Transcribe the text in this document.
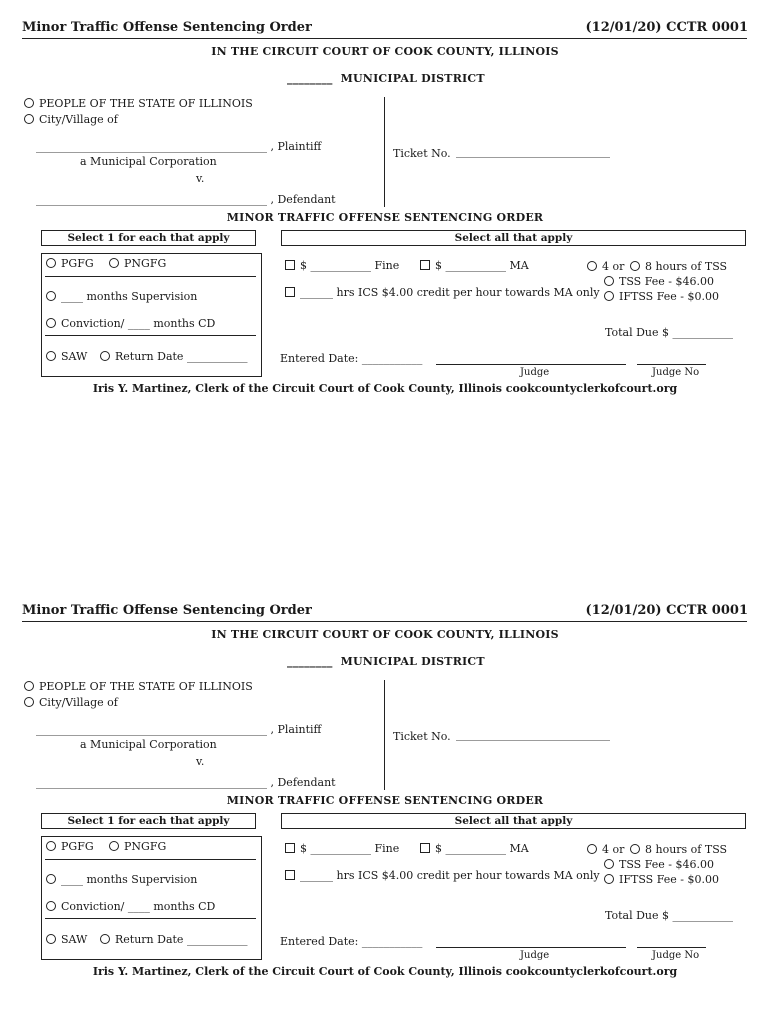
Minor Traffic Offense Sentencing Order	(12/01/20) CCTR 0001
IN THE CIRCUIT COURT OF COOK COUNTY, ILLINOIS
________ MUNICIPAL DISTRICT
PEOPLE OF THE STATE OF ILLINOIS
City/Village of
__________________________________________ , Plaintiff
a Municipal Corporation
v.
__________________________________________ , Defendant
Ticket No. ____________________________
MINOR TRAFFIC OFFENSE SENTENCING ORDER
Select 1 for each that apply	Select all that apply
PGFG	PNGFG
____ months Supervision
Conviction/ ____ months CD
SAW	Return Date ___________
$ ___________ Fine	$ ___________ MA
______ hrs ICS $4.00 credit per hour towards MA only
4 or	8 hours of TSS
TSS Fee - $46.00
IFTSS Fee - $0.00
Total Due $ ___________
Entered Date: ___________
Judge	Judge No
Iris Y. Martinez, Clerk of the Circuit Court of Cook County, Illinois cookcountyclerkofcourt.org
Minor Traffic Offense Sentencing Order	(12/01/20) CCTR 0001
IN THE CIRCUIT COURT OF COOK COUNTY, ILLINOIS
________ MUNICIPAL DISTRICT
PEOPLE OF THE STATE OF ILLINOIS
City/Village of
__________________________________________ , Plaintiff
a Municipal Corporation
v.
__________________________________________ , Defendant
Ticket No. ____________________________
MINOR TRAFFIC OFFENSE SENTENCING ORDER
Select 1 for each that apply	Select all that apply
PGFG	PNGFG
____ months Supervision
Conviction/ ____ months CD
SAW	Return Date ___________
$ ___________ Fine	$ ___________ MA
______ hrs ICS $4.00 credit per hour towards MA only
4 or	8 hours of TSS
TSS Fee - $46.00
IFTSS Fee - $0.00
Total Due $ ___________
Entered Date: ___________
Judge	Judge No
Iris Y. Martinez, Clerk of the Circuit Court of Cook County, Illinois cookcountyclerkofcourt.org
